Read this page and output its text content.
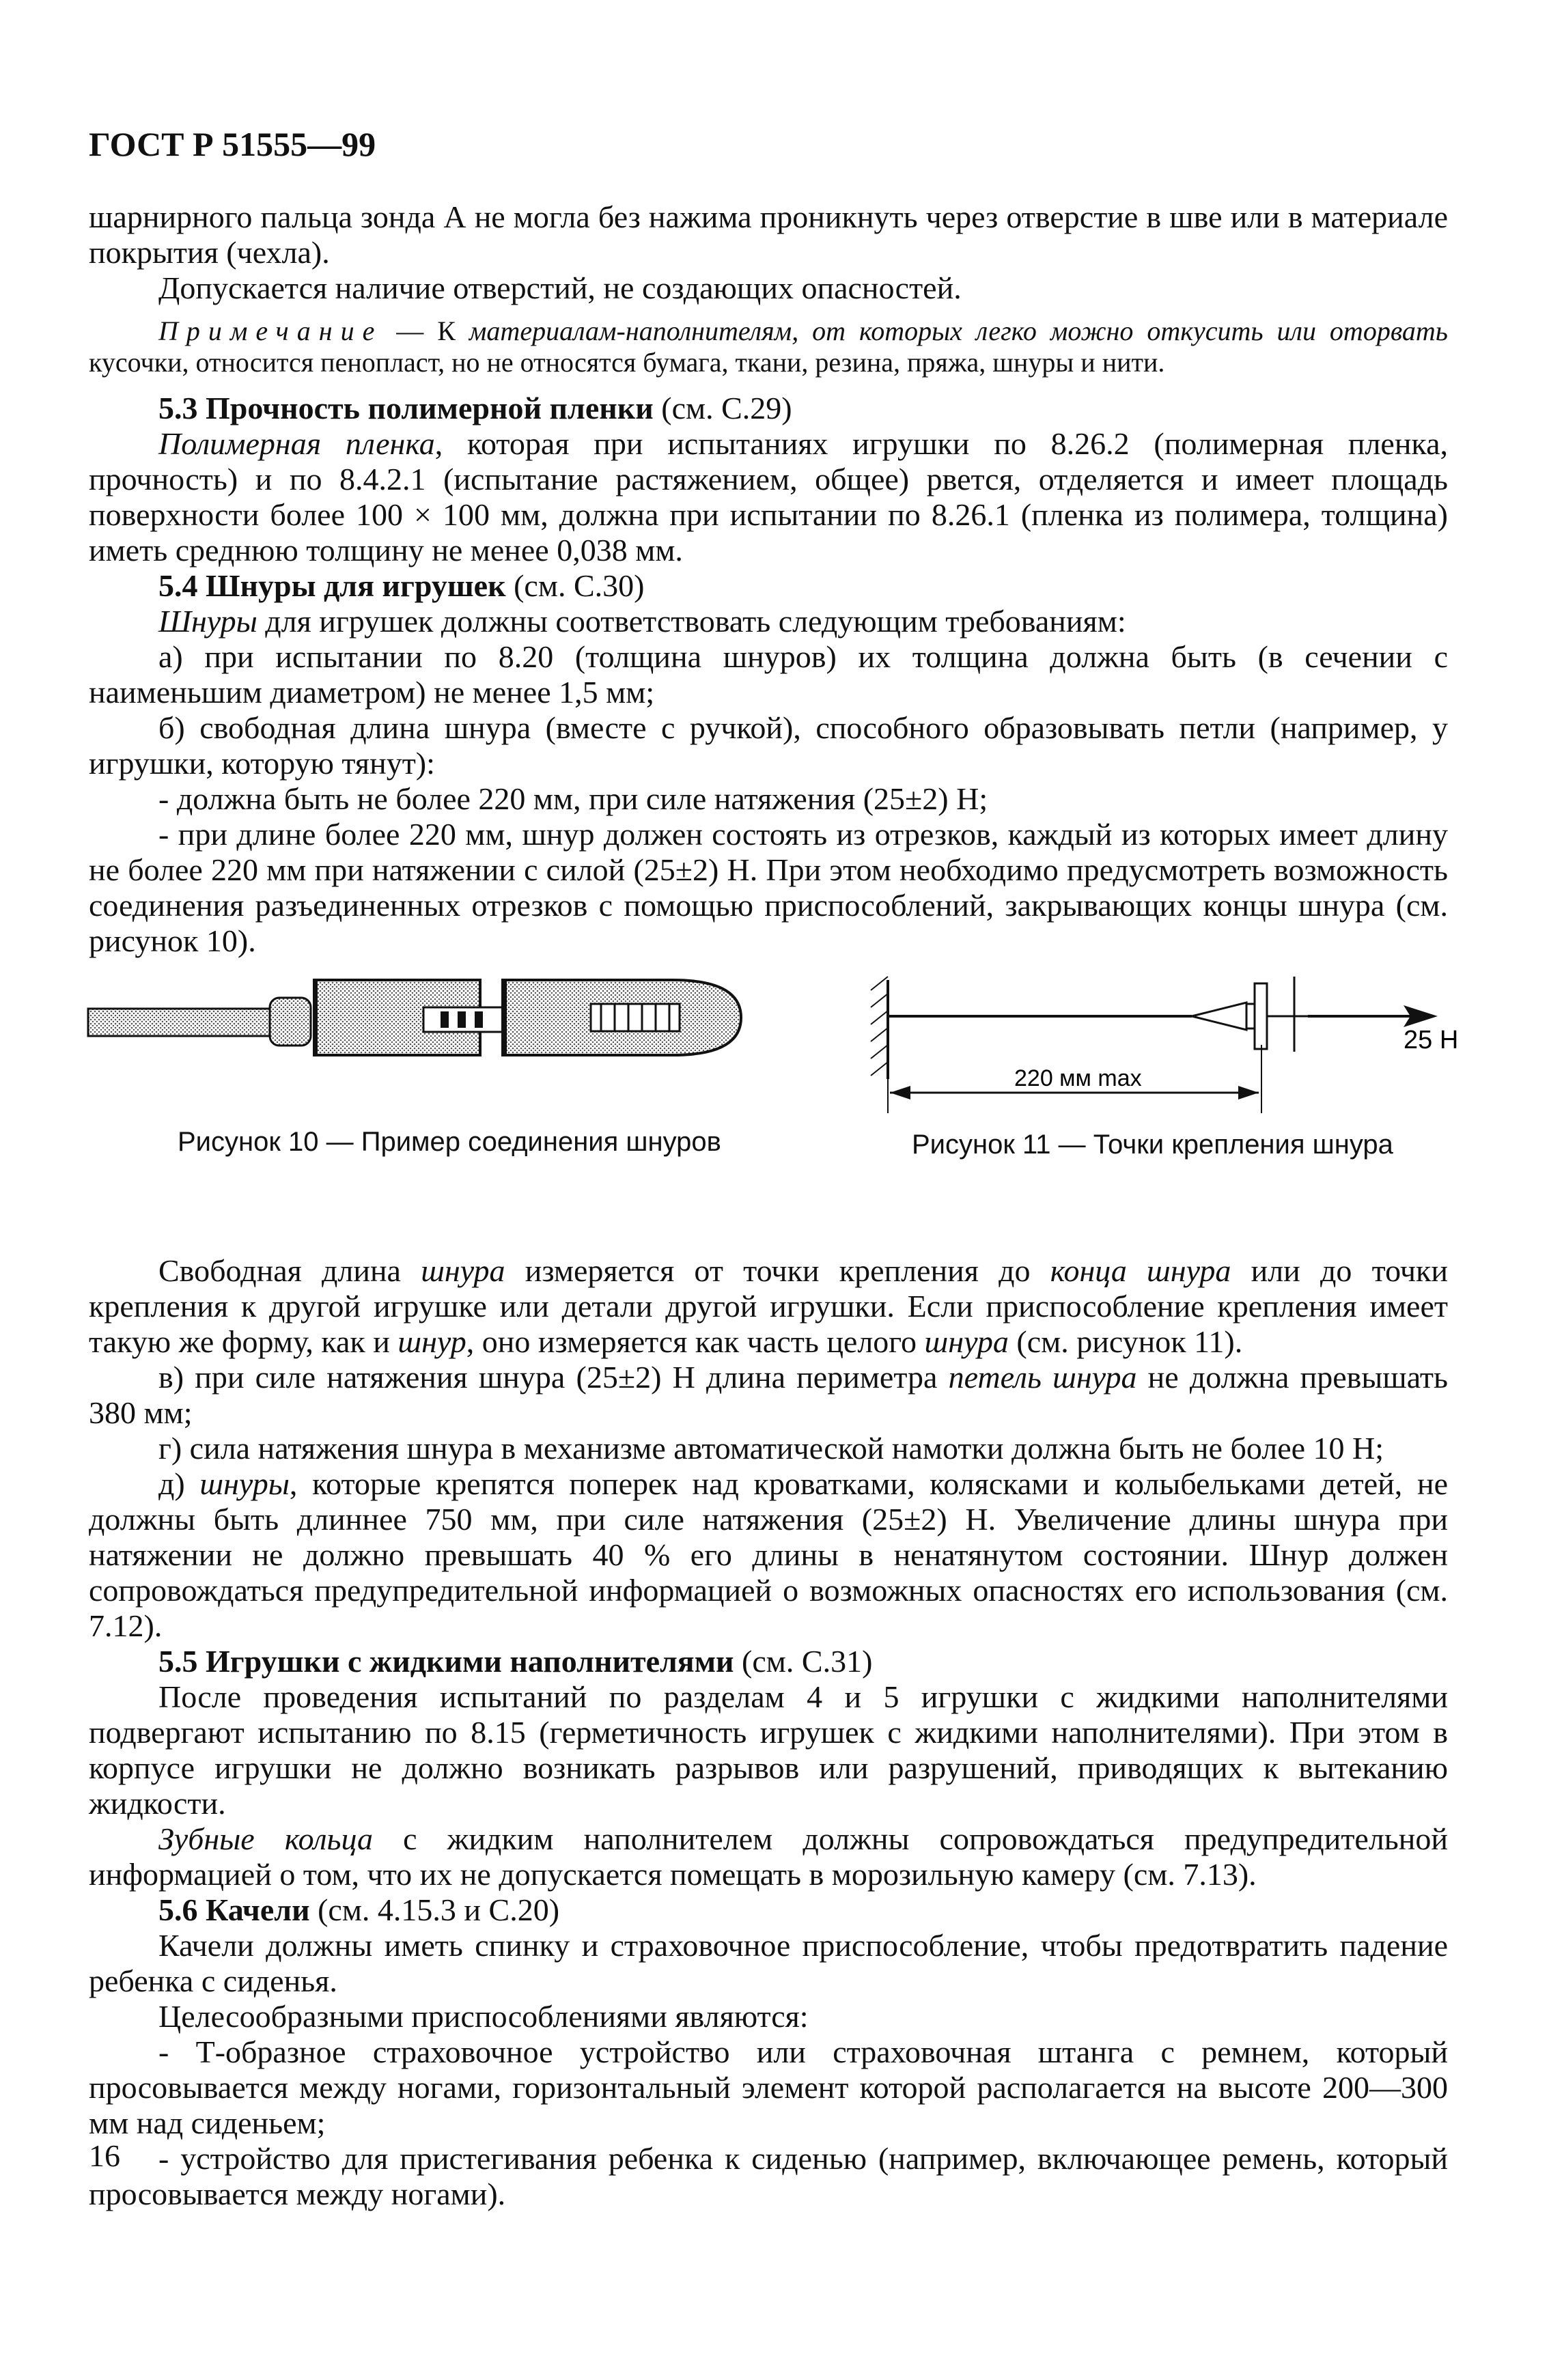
ГОСТ Р 51555—99

шарнирного пальца зонда А не могла без нажима проникнуть через отверстие в шве или в материале покрытия (чехла).

Допускается наличие отверстий, не создающих опасностей.

Примечание — К материалам-наполнителям, от которых легко можно откусить или оторвать кусочки, относится пенопласт, но не относятся бумага, ткани, резина, пряжа, шнуры и нити.

5.3 Прочность полимерной пленки (см. С.29)

Полимерная пленка, которая при испытаниях игрушки по 8.26.2 (полимерная пленка, прочность) и по 8.4.2.1 (испытание растяжением, общее) рвется, отделяется и имеет площадь поверхности более 100 × 100 мм, должна при испытании по 8.26.1 (пленка из полимера, толщина) иметь среднюю толщину не менее 0,038 мм.

5.4 Шнуры для игрушек (см. С.30)

Шнуры для игрушек должны соответствовать следующим требованиям:

а) при испытании по 8.20 (толщина шнуров) их толщина должна быть (в сечении с наименьшим диаметром) не менее 1,5 мм;

б) свободная длина шнура (вместе с ручкой), способного образовывать петли (например, у игрушки, которую тянут):

- должна быть не более 220 мм, при силе натяжения (25±2) Н;

- при длине более 220 мм, шнур должен состоять из отрезков, каждый из которых имеет длину не более 220 мм при натяжении с силой (25±2) Н. При этом необходимо предусмотреть возможность соединения разъединенных отрезков с помощью приспособлений, закрывающих концы шнура (см. рисунок 10).

Рисунок 10 — Пример соединения шнуров
25 Н
220 мм max
Рисунок 11 — Точки крепления шнура

Свободная длина шнура измеряется от точки крепления до конца шнура или до точки крепления к другой игрушке или детали другой игрушки. Если приспособление крепления имеет такую же форму, как и шнур, оно измеряется как часть целого шнура (см. рисунок 11).

в) при силе натяжения шнура (25±2) Н длина периметра петель шнура не должна превышать 380 мм;

г) сила натяжения шнура в механизме автоматической намотки должна быть не более 10 Н;

д) шнуры, которые крепятся поперек над кроватками, колясками и колыбельками детей, не должны быть длиннее 750 мм, при силе натяжения (25±2) Н. Увеличение длины шнура при натяжении не должно превышать 40 % его длины в ненатянутом состоянии. Шнур должен сопровождаться предупредительной информацией о возможных опасностях его использования (см. 7.12).

5.5 Игрушки с жидкими наполнителями (см. С.31)

После проведения испытаний по разделам 4 и 5 игрушки с жидкими наполнителями подвергают испытанию по 8.15 (герметичность игрушек с жидкими наполнителями). При этом в корпусе игрушки не должно возникать разрывов или разрушений, приводящих к вытеканию жидкости.

Зубные кольца с жидким наполнителем должны сопровождаться предупредительной информацией о том, что их не допускается помещать в морозильную камеру (см. 7.13).

5.6 Качели (см. 4.15.3 и С.20)

Качели должны иметь спинку и страховочное приспособление, чтобы предотвратить падение ребенка с сиденья.

Целесообразными приспособлениями являются:

- Т-образное страховочное устройство или страховочная штанга с ремнем, который просовывается между ногами, горизонтальный элемент которой располагается на высоте 200—300 мм над сиденьем;

- устройство для пристегивания ребенка к сиденью (например, включающее ремень, который просовывается между ногами).

16
